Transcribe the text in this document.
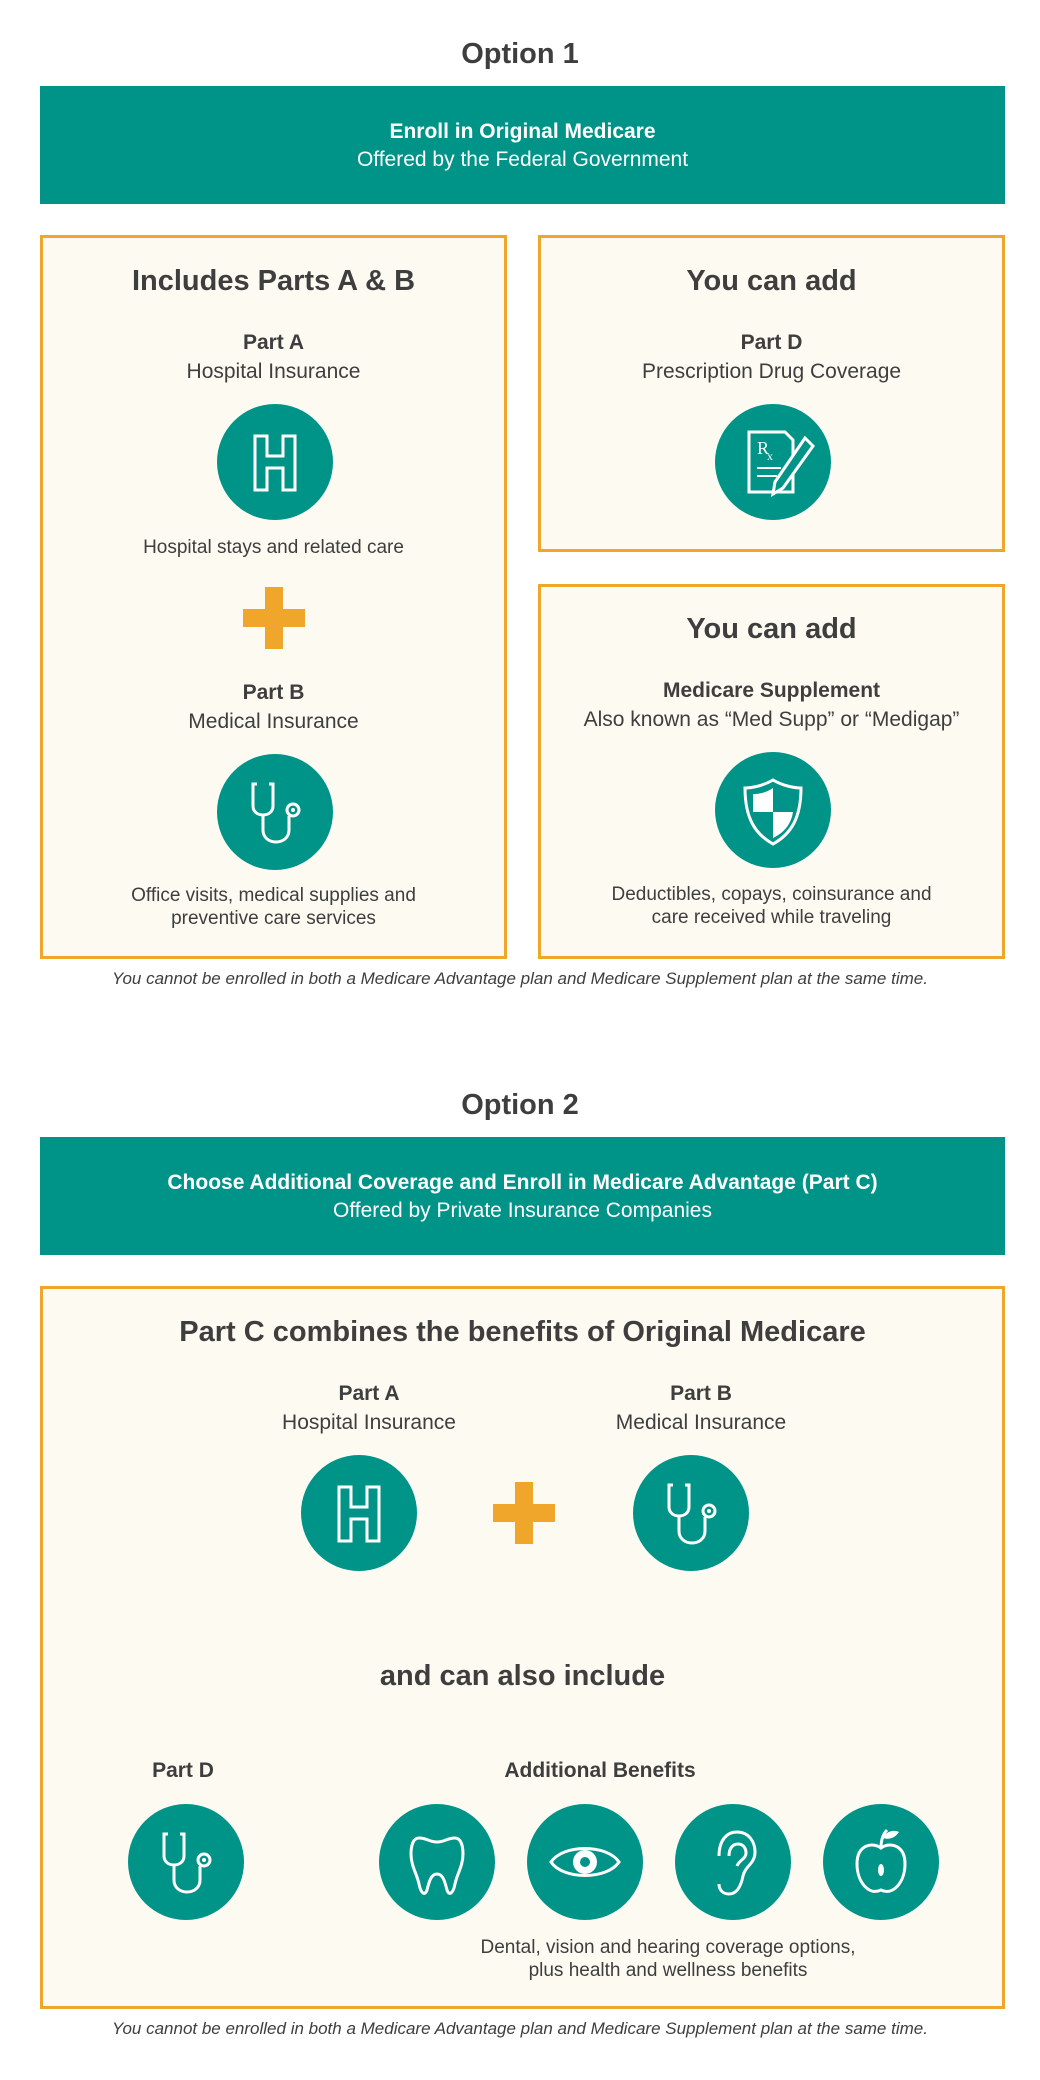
Option 1
Enroll in Original Medicare
Offered by the Federal Government
Includes Parts A & B
Part A
Hospital Insurance
Hospital stays and related care
Part B
Medical Insurance
Office visits, medical supplies and
preventive care services
You can add
Part D
Prescription Drug Coverage
R
x
You can add
Medicare Supplement
Also known as “Med Supp” or “Medigap”
Deductibles, copays, coinsurance and
care received while traveling
You cannot be enrolled in both a Medicare Advantage plan and Medicare Supplement plan at the same time.
Option 2
Choose Additional Coverage and Enroll in Medicare Advantage (Part C)
Offered by Private Insurance Companies
Part C combines the benefits of Original Medicare
Part A
Hospital Insurance
Part B
Medical Insurance
and can also include
Part D	Additional Benefits
Dental, vision and hearing coverage options,
plus health and wellness benefits
You cannot be enrolled in both a Medicare Advantage plan and Medicare Supplement plan at the same time.
